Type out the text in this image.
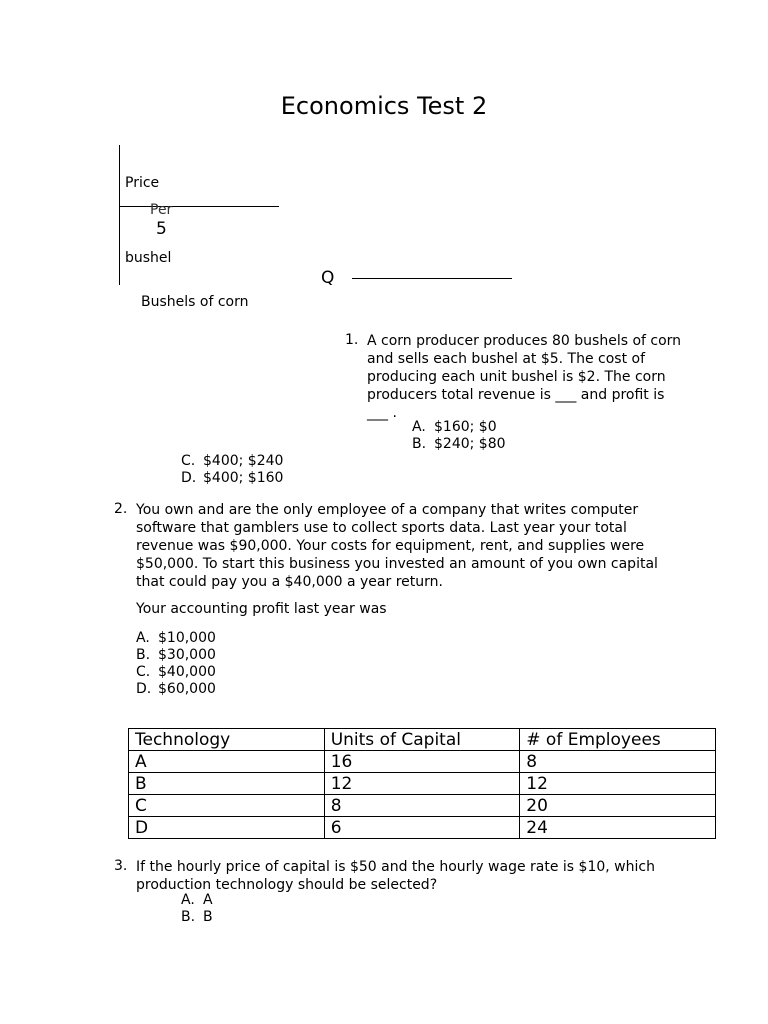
Economics Test 2
Price
Per
5
bushel
Q
Bushels of corn
1. A corn producer produces 80 bushels of corn and sells each bushel at $5. The cost of producing each unit bushel is $2. The corn producers total revenue is ___ and profit is ___ .
A. $160; $0
B. $240; $80
C. $400; $240
D. $400; $160
2. You own and are the only employee of a company that writes computer software that gamblers use to collect sports data. Last year your total revenue was $90,000. Your costs for equipment, rent, and supplies were $50,000. To start this business you invested an amount of you own capital that could pay you a $40,000 a year return.
Your accounting profit last year was
A. $10,000
B. $30,000
C. $40,000
D. $60,000
Technology	Units of Capital	# of Employees
A	16	8
B	12	12
C	8	20
D	6	24
3. If the hourly price of capital is $50 and the hourly wage rate is $10, which production technology should be selected?
A. A
B. B
